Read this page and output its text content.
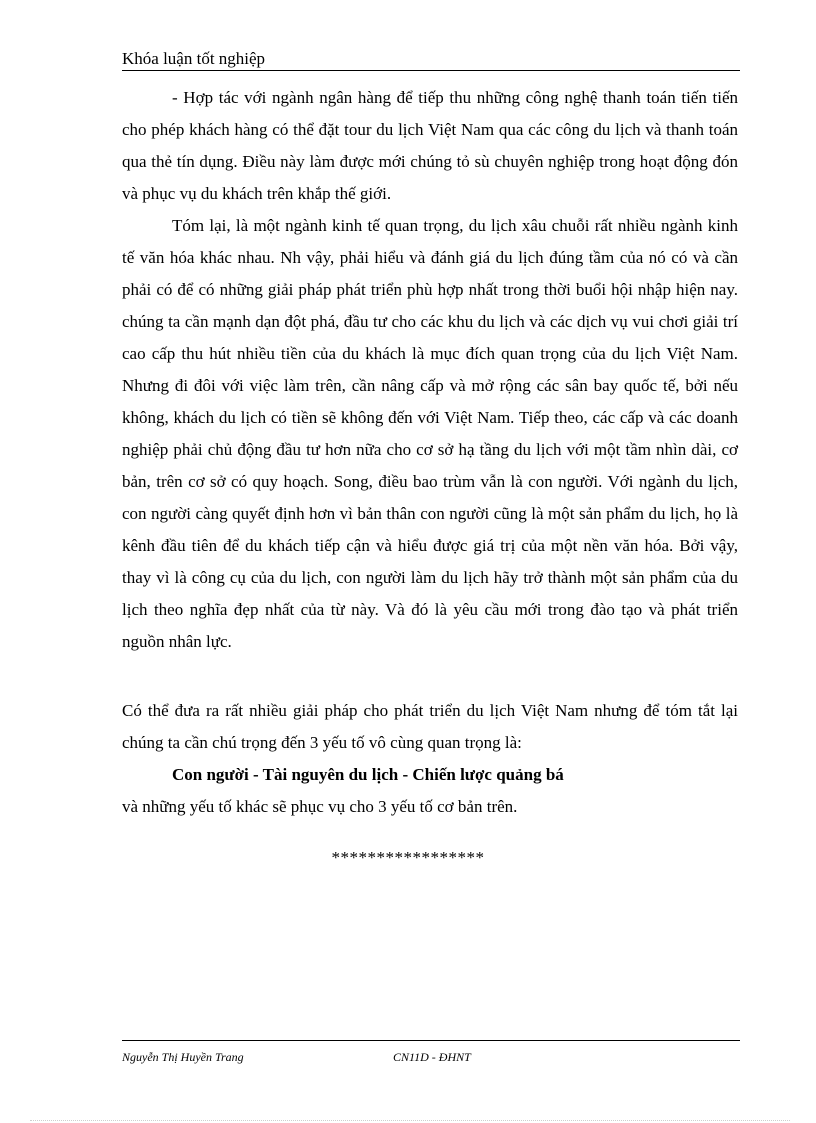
Khóa luận tốt nghiệp

- Hợp tác với ngành ngân hàng để tiếp thu những công nghệ thanh toán tiến tiến cho phép khách hàng có thể đặt tour du lịch Việt Nam qua các công du lịch và thanh toán qua thẻ tín dụng. Điều này làm được mới chúng tỏ sù chuyên nghiệp trong hoạt động đón và phục vụ du khách trên khắp thế giới.

Tóm lại, là một ngành kinh tế quan trọng, du lịch xâu chuỗi rất nhiều ngành kinh tế văn hóa khác nhau. Nh vậy, phải hiểu và đánh giá du lịch đúng tầm của nó có và cần phải có để có những giải pháp phát triển phù hợp nhất trong thời buổi hội nhập hiện nay. chúng ta cần mạnh dạn đột phá, đầu tư cho các khu du lịch và các dịch vụ vui chơi giải trí cao cấp thu hút nhiều tiền của du khách là mục đích quan trọng của du lịch Việt Nam. Nhưng đi đôi với việc làm trên, cần nâng cấp và mở rộng các sân bay quốc tế, bởi nếu không, khách du lịch có tiền sẽ không đến với Việt Nam. Tiếp theo, các cấp và các doanh nghiệp phải chủ động đầu tư hơn nữa cho cơ sở hạ tầng du lịch với một tầm nhìn dài, cơ bản, trên cơ sở có quy hoạch. Song, điều bao trùm vẫn là con người. Với ngành du lịch, con người càng quyết định hơn vì bản thân con người cũng là một sản phẩm du lịch, họ là kênh đầu tiên để du khách tiếp cận và hiểu được giá trị của một nền văn hóa. Bởi vậy, thay vì là công cụ của du lịch, con người làm du lịch hãy trở thành một sản phẩm của du lịch theo nghĩa đẹp nhất của từ này. Và đó là yêu cầu mới trong đào tạo và phát triển nguồn nhân lực.

Có thể đưa ra rất nhiều giải pháp cho phát triển du lịch Việt Nam nhưng để tóm tắt lại chúng ta cần chú trọng đến 3 yếu tố vô cùng quan trọng là:

Con người - Tài nguyên du lịch - Chiến lược quảng bá

và những yếu tố khác sẽ phục vụ cho 3 yếu tố cơ bản trên.

*****************
Nguyễn Thị Huyền Trang	CN11D - ĐHNT
